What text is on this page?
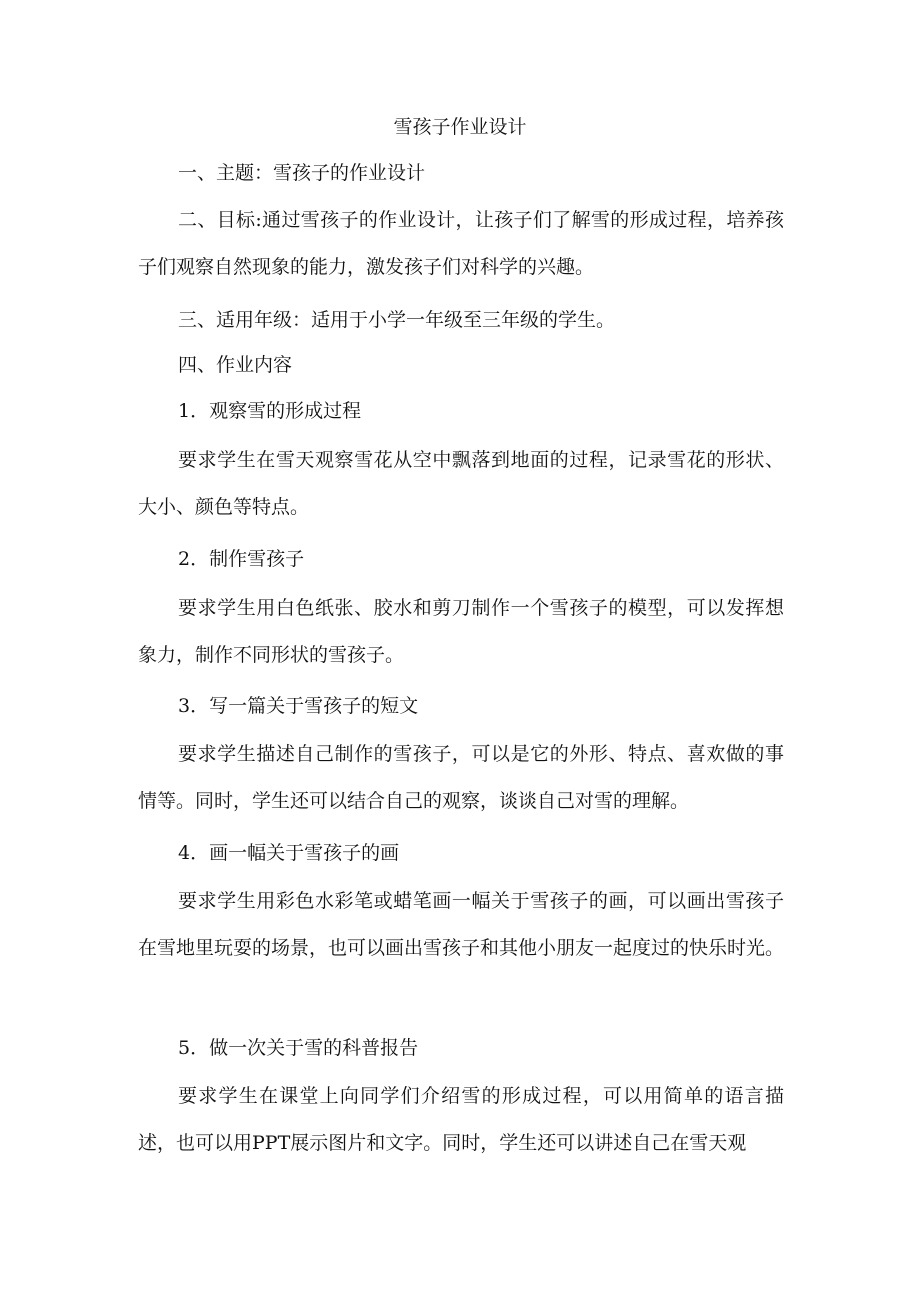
雪孩子作业设计

一、主题：雪孩子的作业设计

二、目标:通过雪孩子的作业设计，让孩子们了解雪的形成过程，培养孩子们观察自然现象的能力，激发孩子们对科学的兴趣。

三、适用年级：适用于小学一年级至三年级的学生。

四、作业内容

1．观察雪的形成过程

要求学生在雪天观察雪花从空中飘落到地面的过程，记录雪花的形状、大小、颜色等特点。

2．制作雪孩子

要求学生用白色纸张、胶水和剪刀制作一个雪孩子的模型，可以发挥想象力，制作不同形状的雪孩子。

3．写一篇关于雪孩子的短文

要求学生描述自己制作的雪孩子，可以是它的外形、特点、喜欢做的事情等。同时，学生还可以结合自己的观察，谈谈自己对雪的理解。

4．画一幅关于雪孩子的画

要求学生用彩色水彩笔或蜡笔画一幅关于雪孩子的画，可以画出雪孩子在雪地里玩耍的场景，也可以画出雪孩子和其他小朋友一起度过的快乐时光。

5．做一次关于雪的科普报告

要求学生在课堂上向同学们介绍雪的形成过程，可以用简单的语言描述，也可以用PPT展示图片和文字。同时，学生还可以讲述自己在雪天观
